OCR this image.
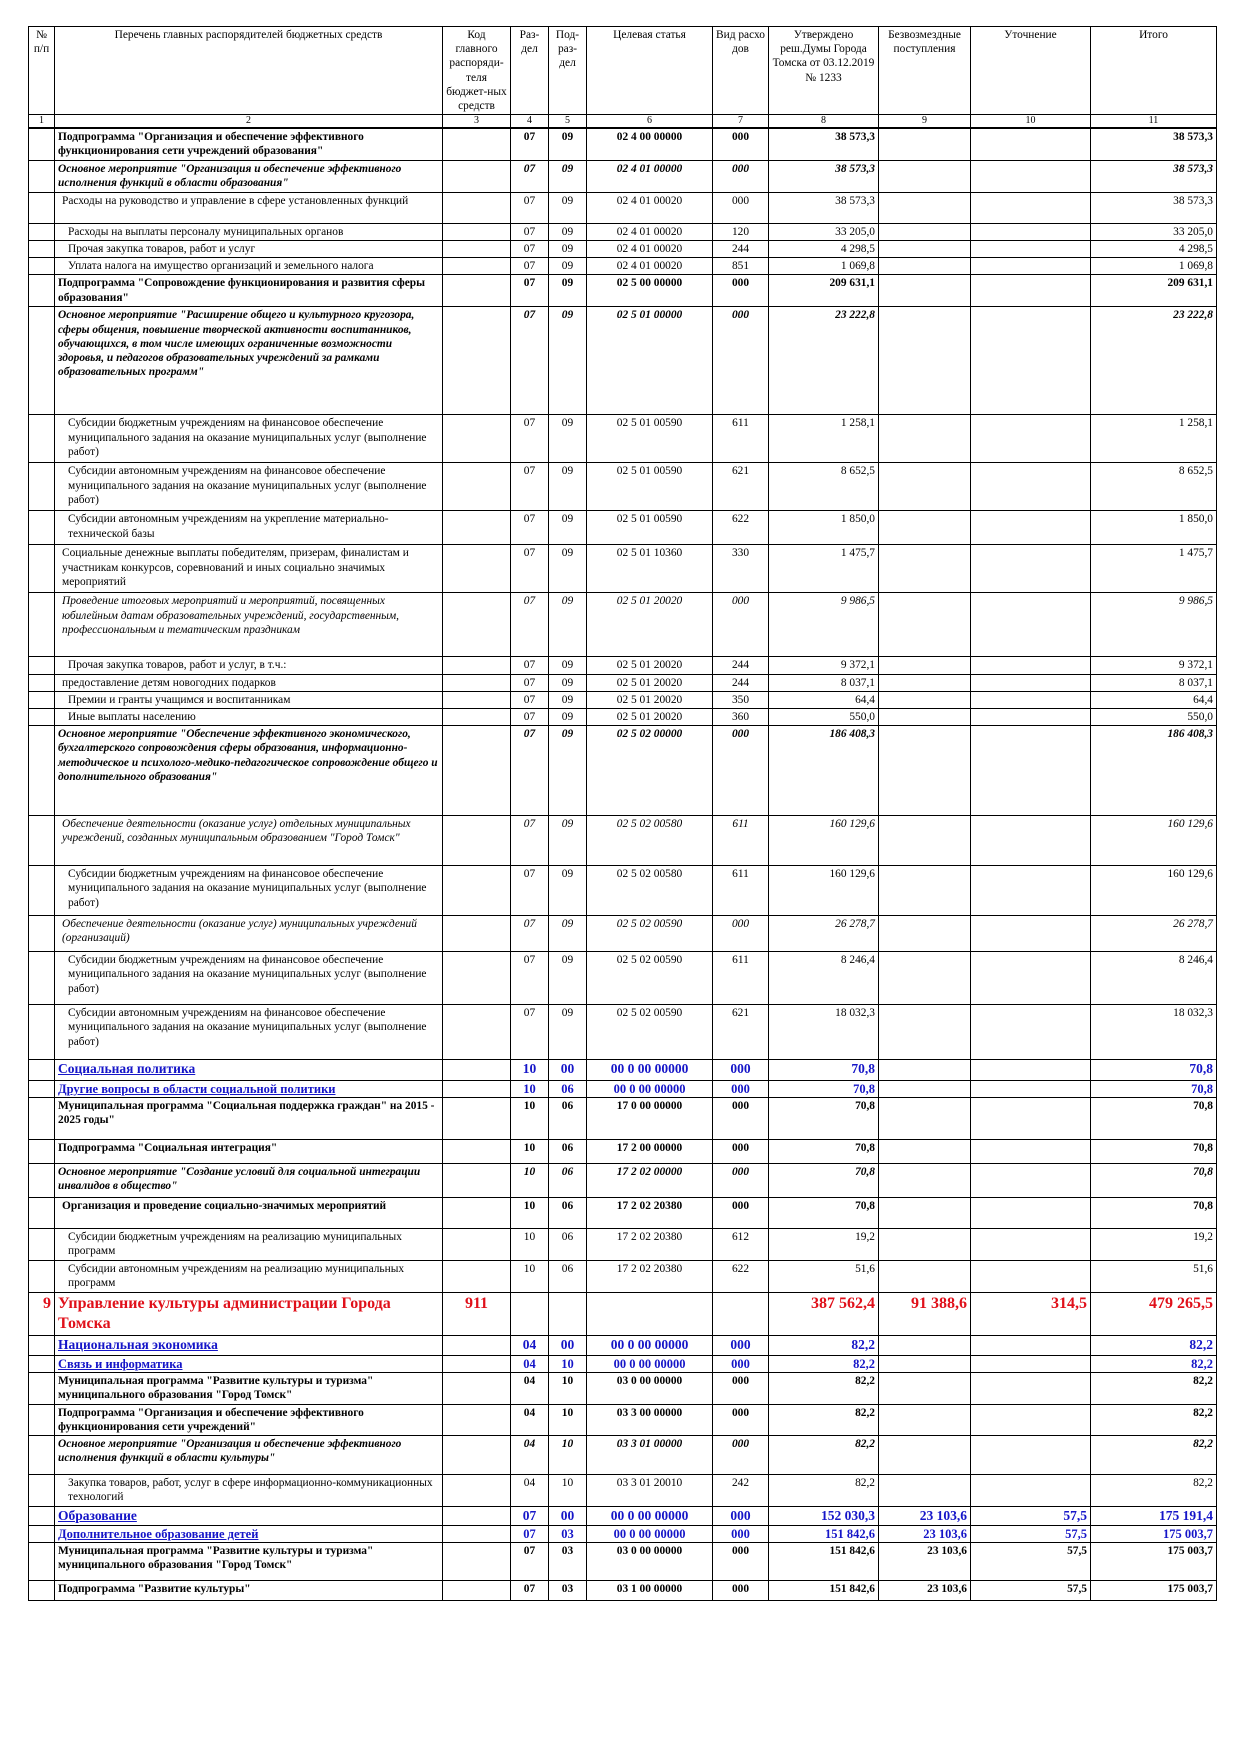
№ п/п	Перечень главных распорядителей бюджетных средств	Код главного распоряди-теля бюджет-ных средств	Раз-дел	Под-раз-дел	Целевая статья	Вид расхо дов	Утверждено реш.Думы Города Томска от 03.12.2019 № 1233	Безвозмездные поступления	Уточнение	Итого
1	2	3	4	5	6	7	8	9	10	11
	Подпрограмма "Организация и обеспечение эффективного функционирования сети учреждений образования"		07	09	02 4 00 00000	000	38 573,3			38 573,3
	Основное мероприятие "Организация и обеспечение эффективного исполнения функций в области образования"		07	09	02 4 01 00000	000	38 573,3			38 573,3
	Расходы на руководство и управление в сфере установленных функций		07	09	02 4 01 00020	000	38 573,3			38 573,3
	Расходы на выплаты персоналу муниципальных органов		07	09	02 4 01 00020	120	33 205,0			33 205,0
	Прочая закупка товаров, работ и услуг		07	09	02 4 01 00020	244	4 298,5			4 298,5
	Уплата налога на имущество организаций и земельного налога		07	09	02 4 01 00020	851	1 069,8			1 069,8
	Подпрограмма "Сопровождение функционирования и развития сферы образования"		07	09	02 5 00 00000	000	209 631,1			209 631,1
	Основное мероприятие "Расширение общего и культурного кругозора, сферы общения, повышение творческой активности воспитанников, обучающихся, в том числе имеющих ограниченные возможности здоровья, и педагогов образовательных учреждений за рамками образовательных программ"		07	09	02 5 01 00000	000	23 222,8			23 222,8
	Субсидии бюджетным учреждениям на финансовое обеспечение муниципального задания на оказание муниципальных услуг (выполнение работ)		07	09	02 5 01 00590	611	1 258,1			1 258,1
	Субсидии автономным учреждениям на финансовое обеспечение муниципального задания на оказание муниципальных услуг (выполнение работ)		07	09	02 5 01 00590	621	8 652,5			8 652,5
	Субсидии автономным учреждениям на укрепление материально-технической базы		07	09	02 5 01 00590	622	1 850,0			1 850,0
	Социальные денежные выплаты победителям, призерам, финалистам и участникам конкурсов, соревнований и иных социально значимых мероприятий		07	09	02 5 01 10360	330	1 475,7			1 475,7
	Проведение итоговых мероприятий и мероприятий, посвященных юбилейным датам образовательных учреждений, государственным, профессиональным и тематическим праздникам		07	09	02 5 01 20020	000	9 986,5			9 986,5
	Прочая закупка товаров, работ и услуг, в т.ч.:		07	09	02 5 01 20020	244	9 372,1			9 372,1
	предоставление детям новогодних подарков		07	09	02 5 01 20020	244	8 037,1			8 037,1
	Премии и гранты учащимся и воспитанникам		07	09	02 5 01 20020	350	64,4			64,4
	Иные выплаты населению		07	09	02 5 01 20020	360	550,0			550,0
	Основное мероприятие "Обеспечение эффективного экономического, бухгалтерского сопровождения сферы образования, информационно-методическое и психолого-медико-педагогическое сопровождение общего и дополнительного образования"		07	09	02 5 02 00000	000	186 408,3			186 408,3
	Обеспечение деятельности (оказание услуг) отдельных муниципальных учреждений, созданных муниципальным образованием "Город Томск"		07	09	02 5 02 00580	611	160 129,6			160 129,6
	Субсидии бюджетным учреждениям на финансовое обеспечение муниципального задания на оказание муниципальных услуг (выполнение работ)		07	09	02 5 02 00580	611	160 129,6			160 129,6
	Обеспечение деятельности (оказание услуг) муниципальных учреждений (организаций)		07	09	02 5 02 00590	000	26 278,7			26 278,7
	Субсидии бюджетным учреждениям на финансовое обеспечение муниципального задания на оказание муниципальных услуг (выполнение работ)		07	09	02 5 02 00590	611	8 246,4			8 246,4
	Субсидии автономным учреждениям на финансовое обеспечение муниципального задания на оказание муниципальных услуг (выполнение работ)		07	09	02 5 02 00590	621	18 032,3			18 032,3
	Социальная политика		10	00	00 0 00 00000	000	70,8			70,8
	Другие вопросы в области социальной политики		10	06	00 0 00 00000	000	70,8			70,8
	Муниципальная программа "Социальная поддержка граждан" на 2015 - 2025 годы"		10	06	17 0 00 00000	000	70,8			70,8
	Подпрограмма "Социальная интеграция"		10	06	17 2 00 00000	000	70,8			70,8
	Основное мероприятие "Создание условий для социальной интеграции инвалидов в общество"		10	06	17 2 02 00000	000	70,8			70,8
	Организация и проведение социально-значимых мероприятий		10	06	17 2 02 20380	000	70,8			70,8
	Субсидии бюджетным учреждениям на реализацию муниципальных программ		10	06	17 2 02 20380	612	19,2			19,2
	Субсидии автономным учреждениям на реализацию муниципальных программ		10	06	17 2 02 20380	622	51,6			51,6
9	Управление культуры администрации Города Томска	911					387 562,4	91 388,6	314,5	479 265,5
	Национальная экономика		04	00	00 0 00 00000	000	82,2			82,2
	Связь и информатика		04	10	00 0 00 00000	000	82,2			82,2
	Муниципальная программа "Развитие культуры и туризма" муниципального образования "Город Томск"		04	10	03 0 00 00000	000	82,2			82,2
	Подпрограмма "Организация и обеспечение эффективного функционирования сети учреждений"		04	10	03 3 00 00000	000	82,2			82,2
	Основное мероприятие "Организация и обеспечение эффективного исполнения функций в области культуры"		04	10	03 3 01 00000	000	82,2			82,2
	Закупка товаров, работ, услуг в сфере информационно-коммуникационных технологий		04	10	03 3 01 20010	242	82,2			82,2
	Образование		07	00	00 0 00 00000	000	152 030,3	23 103,6	57,5	175 191,4
	Дополнительное образование детей		07	03	00 0 00 00000	000	151 842,6	23 103,6	57,5	175 003,7
	Муниципальная программа "Развитие культуры и туризма" муниципального образования "Город Томск"		07	03	03 0 00 00000	000	151 842,6	23 103,6	57,5	175 003,7
	Подпрограмма "Развитие культуры"		07	03	03 1 00 00000	000	151 842,6	23 103,6	57,5	175 003,7
